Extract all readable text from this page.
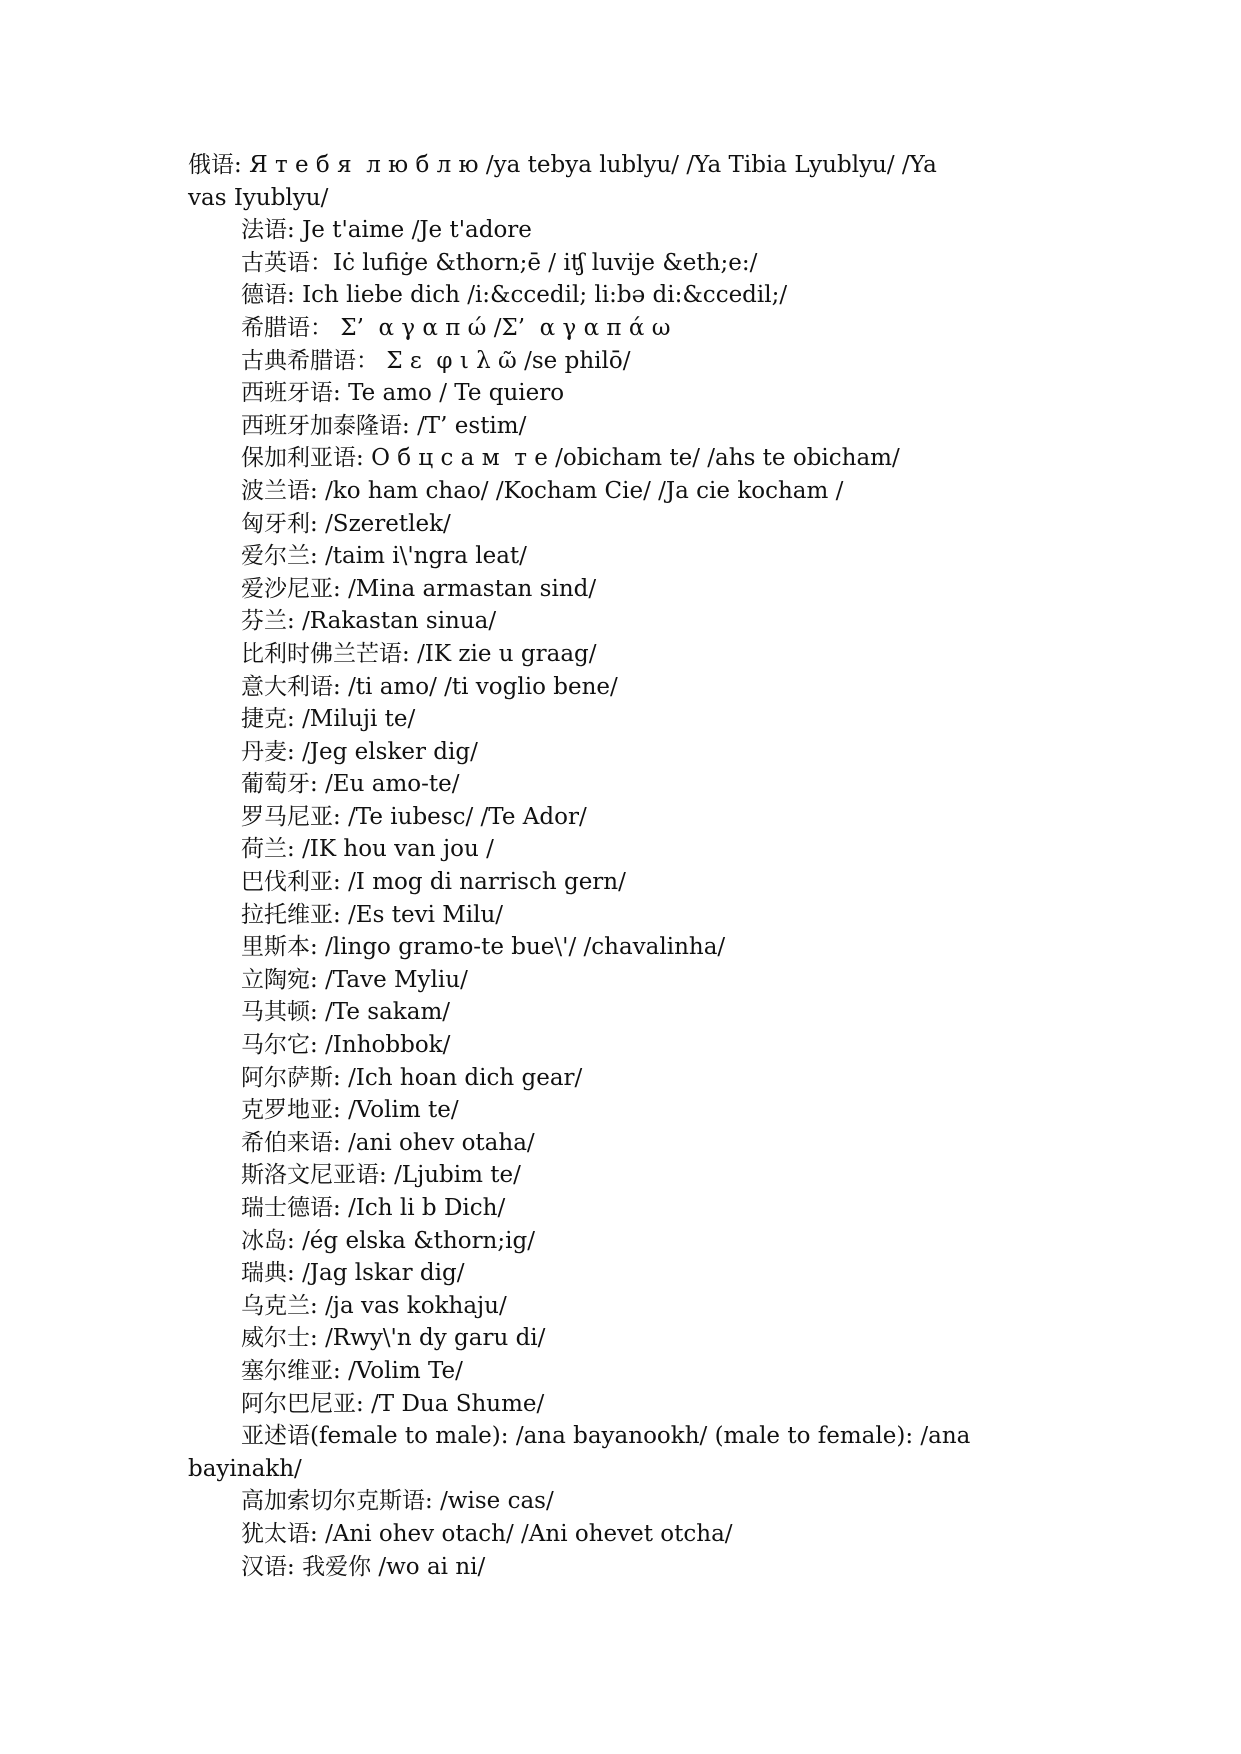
俄语: Я т е б я  л ю б л ю /ya tebya lublyu/ /Ya Tibia Lyublyu/ /Ya

vas Iyublyu/

法语: Je t'aime /Je t'adore

古英语：Iċ lufiġe &thorn;ē / iʧ luvije &eth;e:/

德语: Ich liebe dich /i:&ccedil; li:bə di:&ccedil;/

希腊语： Σ’  α γ α π ώ /Σ’  α γ α π ά ω

古典希腊语： Σ ε  φ ι λ ῶ /se philō/

西班牙语: Te amo / Te quiero

西班牙加泰隆语: /T’ estim/

保加利亚语: О б ц с а м  т е /obicham te/ /ahs te obicham/

波兰语: /ko ham chao/ /Kocham Cie/ /Ja cie kocham /

匈牙利: /Szeretlek/

爱尔兰: /taim i\'ngra leat/

爱沙尼亚: /Mina armastan sind/

芬兰: /Rakastan sinua/

比利时佛兰芒语: /IK zie u graag/

意大利语: /ti amo/ /ti voglio bene/

捷克: /Miluji te/

丹麦: /Jeg elsker dig/

葡萄牙: /Eu amo-te/

罗马尼亚: /Te iubesc/ /Te Ador/

荷兰: /IK hou van jou /

巴伐利亚: /I mog di narrisch gern/

拉托维亚: /Es tevi Milu/

里斯本: /lingo gramo-te bue\'/ /chavalinha/

立陶宛: /Tave Myliu/

马其顿: /Te sakam/

马尔它: /Inhobbok/

阿尔萨斯: /Ich hoan dich gear/

克罗地亚: /Volim te/

希伯来语: /ani ohev otaha/

斯洛文尼亚语: /Ljubim te/

瑞士德语: /Ich li b Dich/

冰岛: /ég elska &thorn;ig/

瑞典: /Jag lskar dig/

乌克兰: /ja vas kokhaju/

威尔士: /Rwy\'n dy garu di/

塞尔维亚: /Volim Te/

阿尔巴尼亚: /T Dua Shume/

亚述语(female to male): /ana bayanookh/ (male to female): /ana

bayinakh/

高加索切尔克斯语: /wise cas/

犹太语: /Ani ohev otach/ /Ani ohevet otcha/

汉语: 我爱你 /wo ai ni/
